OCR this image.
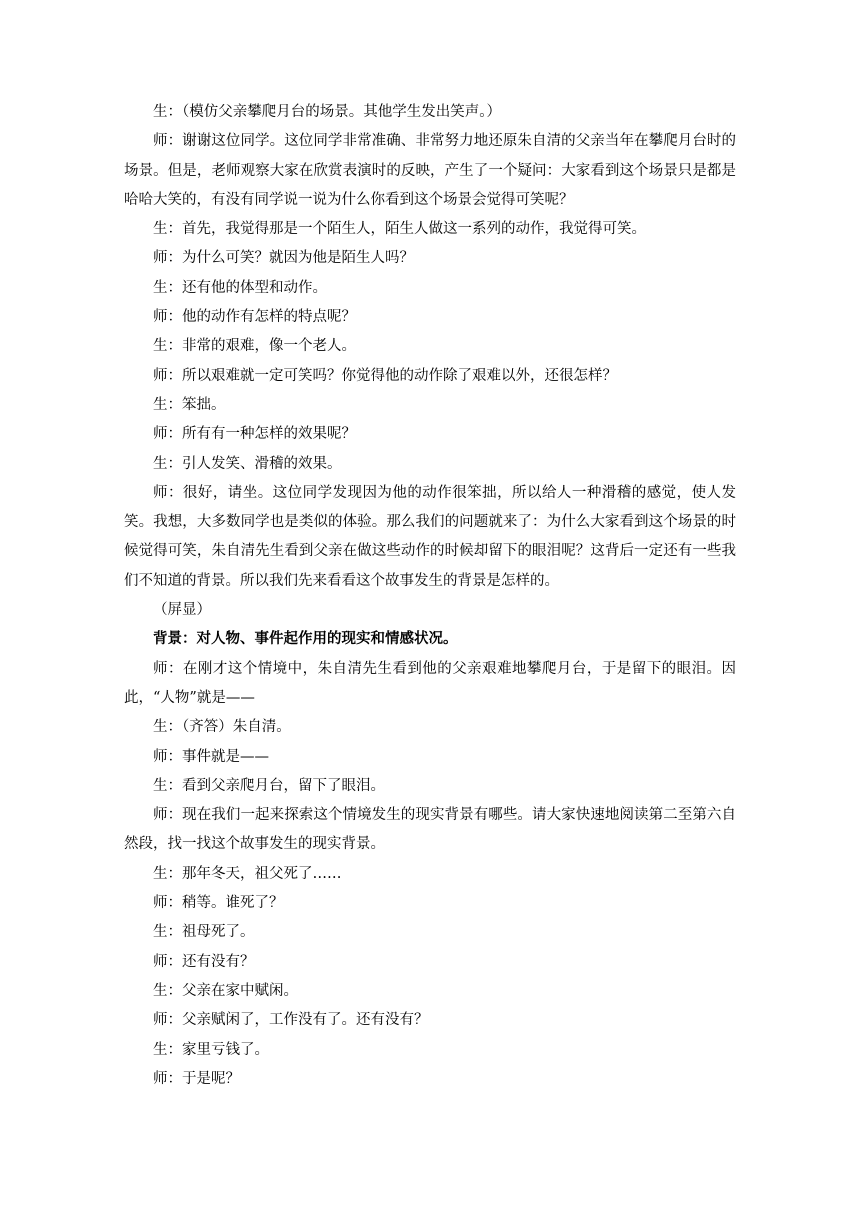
生：（模仿父亲攀爬月台的场景。其他学生发出笑声。）

师：谢谢这位同学。这位同学非常准确、非常努力地还原朱自清的父亲当年在攀爬月台时的场景。但是，老师观察大家在欣赏表演时的反映，产生了一个疑问：大家看到这个场景只是都是哈哈大笑的，有没有同学说一说为什么你看到这个场景会觉得可笑呢？

生：首先，我觉得那是一个陌生人，陌生人做这一系列的动作，我觉得可笑。

师：为什么可笑？就因为他是陌生人吗？

生：还有他的体型和动作。

师：他的动作有怎样的特点呢？

生：非常的艰难，像一个老人。

师：所以艰难就一定可笑吗？你觉得他的动作除了艰难以外，还很怎样？

生：笨拙。

师：所有有一种怎样的效果呢？

生：引人发笑、滑稽的效果。

师：很好，请坐。这位同学发现因为他的动作很笨拙，所以给人一种滑稽的感觉，使人发笑。我想，大多数同学也是类似的体验。那么我们的问题就来了：为什么大家看到这个场景的时候觉得可笑，朱自清先生看到父亲在做这些动作的时候却留下的眼泪呢？这背后一定还有一些我们不知道的背景。所以我们先来看看这个故事发生的背景是怎样的。

（屏显）

背景：对人物、事件起作用的现实和情感状况。

师：在刚才这个情境中，朱自清先生看到他的父亲艰难地攀爬月台，于是留下的眼泪。因此，“人物”就是——

生：（齐答）朱自清。

师：事件就是——

生：看到父亲爬月台，留下了眼泪。

师：现在我们一起来探索这个情境发生的现实背景有哪些。请大家快速地阅读第二至第六自然段，找一找这个故事发生的现实背景。

生：那年冬天，祖父死了……

师：稍等。谁死了？

生：祖母死了。

师：还有没有？

生：父亲在家中赋闲。

师：父亲赋闲了，工作没有了。还有没有？

生：家里亏钱了。

师：于是呢？
